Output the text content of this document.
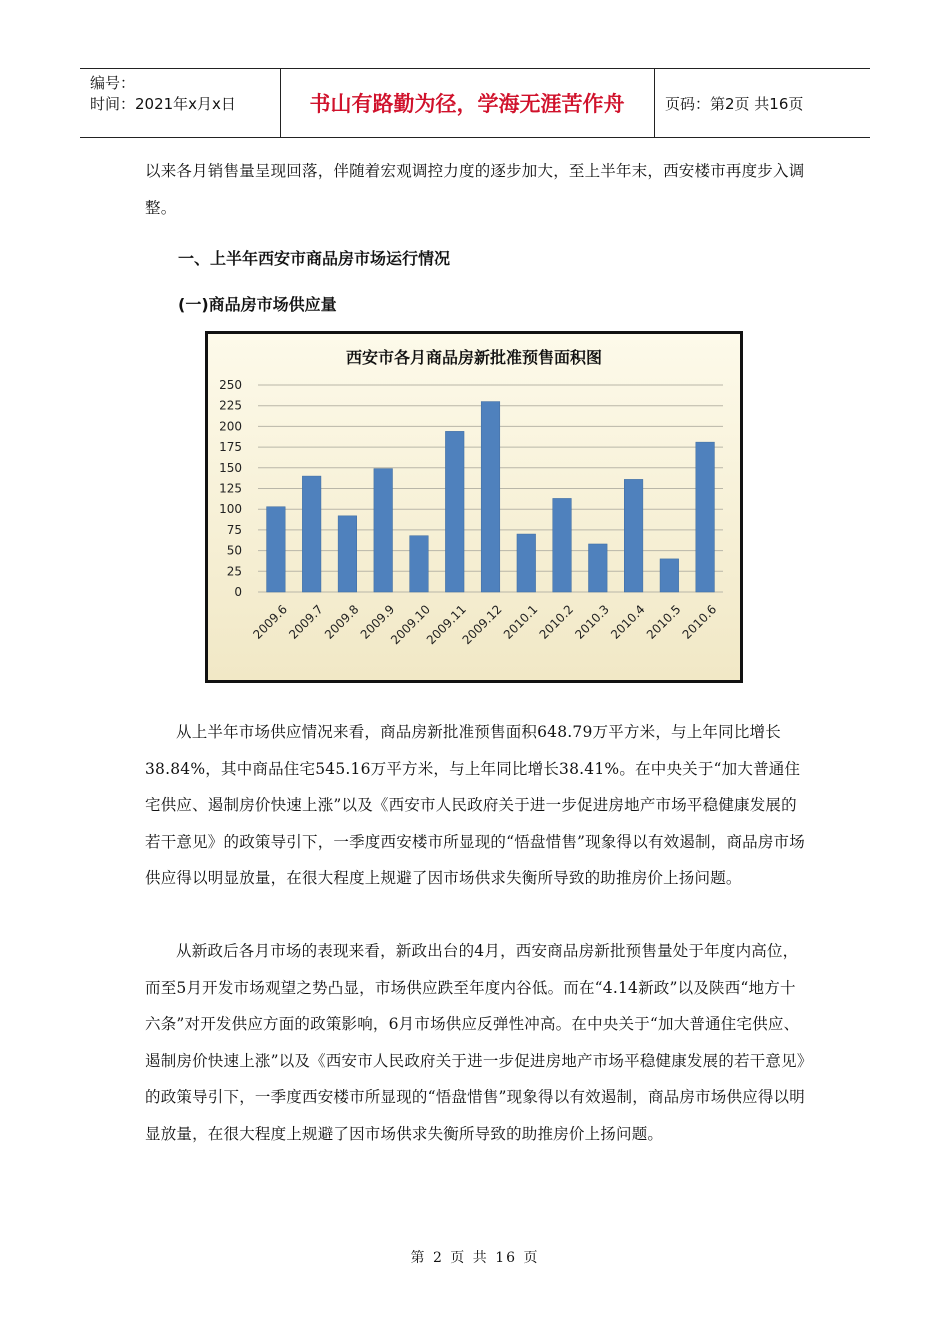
编号：
时间：2021年x月x日	书山有路勤为径，学海无涯苦作舟	页码：第2页 共16页

以来各月销售量呈现回落，伴随着宏观调控力度的逐步加大，至上半年末，西安楼市再度步入调整。

一、上半年西安市商品房市场运行情况
(一)商品房市场供应量
西安市各月商品房新批准预售面积图
0
25
50
75
100
125
150
175
200
225
250
2009.6
2009.7
2009.8
2009.9
2009.10
2009.11
2009.12
2010.1
2010.2
2010.3
2010.4
2010.5
2010.6

从上半年市场供应情况来看，商品房新批准预售面积648.79万平方米，与上年同比增长38.84%，其中商品住宅545.16万平方米，与上年同比增长38.41%。在中央关于“加大普通住宅供应、遏制房价快速上涨”以及《西安市人民政府关于进一步促进房地产市场平稳健康发展的若干意见》的政策导引下，一季度西安楼市所显现的“悟盘惜售”现象得以有效遏制，商品房市场供应得以明显放量，在很大程度上规避了因市场供求失衡所导致的助推房价上扬问题。

从新政后各月市场的表现来看，新政出台的4月，西安商品房新批预售量处于年度内高位，而至5月开发市场观望之势凸显，市场供应跌至年度内谷低。而在“4.14新政”以及陕西“地方十六条”对开发供应方面的政策影响，6月市场供应反弹性冲高。在中央关于“加大普通住宅供应、遏制房价快速上涨”以及《西安市人民政府关于进一步促进房地产市场平稳健康发展的若干意见》的政策导引下，一季度西安楼市所显现的“悟盘惜售”现象得以有效遏制，商品房市场供应得以明显放量，在很大程度上规避了因市场供求失衡所导致的助推房价上扬问题。

第 2 页 共 16 页
